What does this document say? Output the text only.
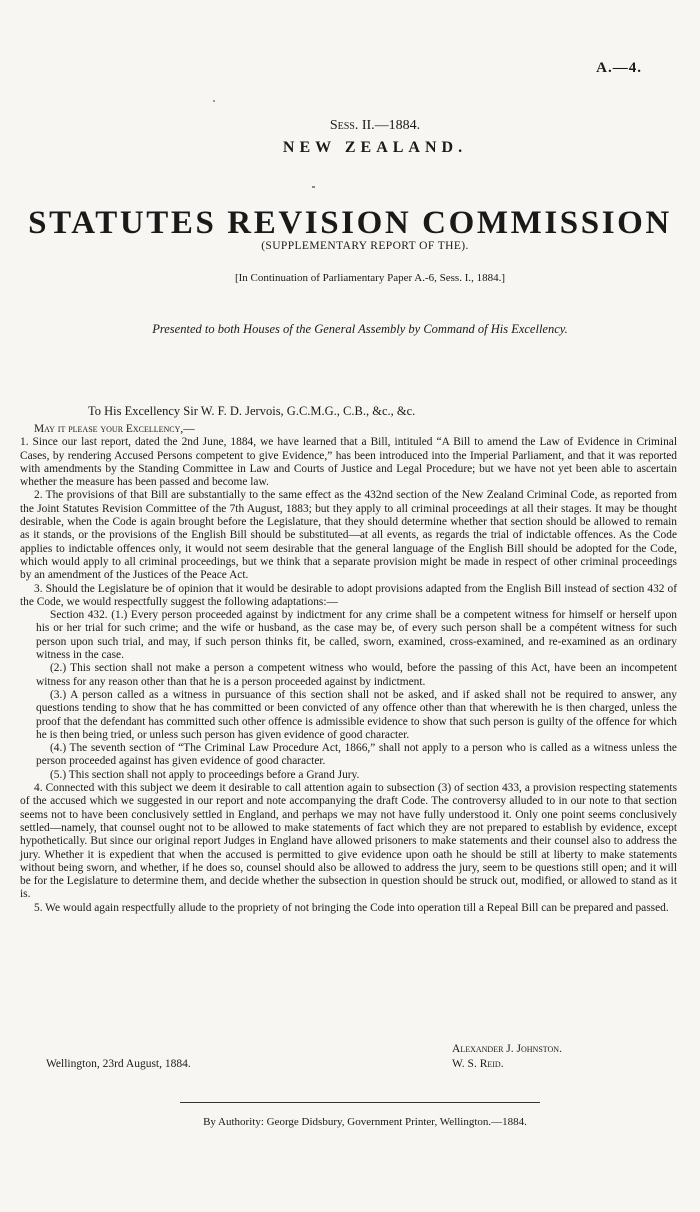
A.—4.
Sess. II.—1884.
NEW ZEALAND.
STATUTES REVISION COMMISSION
(SUPPLEMENTARY REPORT OF THE).
[In Continuation of Parliamentary Paper A.-6, Sess. I., 1884.]
Presented to both Houses of the General Assembly by Command of His Excellency.
To His Excellency Sir W. F. D. Jervois, G.C.M.G., C.B., &c., &c.

May it please your Excellency,—

1. Since our last report, dated the 2nd June, 1884, we have learned that a Bill, intituled “A Bill to amend the Law of Evidence in Criminal Cases, by rendering Accused Persons competent to give Evidence,” has been introduced into the Imperial Parliament, and that it was reported with amendments by the Standing Committee in Law and Courts of Justice and Legal Procedure; but we have not yet been able to ascertain whether the measure has been passed and become law.

2. The provisions of that Bill are substantially to the same effect as the 432nd section of the New Zealand Criminal Code, as reported from the Joint Statutes Revision Committee of the 7th August, 1883; but they apply to all criminal proceedings at all their stages. It may be thought desirable, when the Code is again brought before the Legislature, that they should determine whether that section should be allowed to remain as it stands, or the provisions of the English Bill should be substituted—at all events, as regards the trial of indictable offences. As the Code applies to indictable offences only, it would not seem desirable that the general language of the English Bill should be adopted for the Code, which would apply to all criminal proceedings, but we think that a separate provision might be made in respect of other criminal proceedings by an amendment of the Justices of the Peace Act.

3. Should the Legislature be of opinion that it would be desirable to adopt provisions adapted from the English Bill instead of section 432 of the Code, we would respectfully suggest the following adaptations:—

Section 432. (1.) Every person proceeded against by indictment for any crime shall be a competent witness for himself or herself upon his or her trial for such crime; and the wife or husband, as the case may be, of every such person shall be a compétent witness for such person upon such trial, and may, if such person thinks fit, be called, sworn, examined, cross-examined, and re-examined as an ordinary witness in the case.

(2.) This section shall not make a person a competent witness who would, before the passing of this Act, have been an incompetent witness for any reason other than that he is a person proceeded against by indictment.

(3.) A person called as a witness in pursuance of this section shall not be asked, and if asked shall not be required to answer, any questions tending to show that he has committed or been convicted of any offence other than that wherewith he is then charged, unless the proof that the defendant has committed such other offence is admissible evidence to show that such person is guilty of the offence for which he is then being tried, or unless such person has given evidence of good character.

(4.) The seventh section of “The Criminal Law Procedure Act, 1866,” shall not apply to a person who is called as a witness unless the person proceeded against has given evidence of good character.

(5.) This section shall not apply to proceedings before a Grand Jury.

4. Connected with this subject we deem it desirable to call attention again to subsection (3) of section 433, a provision respecting statements of the accused which we suggested in our report and note accompanying the draft Code. The controversy alluded to in our note to that section seems not to have been conclusively settled in England, and perhaps we may not have fully understood it. Only one point seems conclusively settled—namely, that counsel ought not to be allowed to make statements of fact which they are not prepared to establish by evidence, except hypothetically. But since our original report Judges in England have allowed prisoners to make statements and their counsel also to address the jury. Whether it is expedient that when the accused is permitted to give evidence upon oath he should be still at liberty to make statements without being sworn, and whether, if he does so, counsel should also be allowed to address the jury, seem to be questions still open; and it will be for the Legislature to determine them, and decide whether the subsection in question should be struck out, modified, or allowed to stand as it is.

5. We would again respectfully allude to the propriety of not bringing the Code into operation till a Repeal Bill can be prepared and passed.

Alexander J. Johnston.
Wellington, 23rd August, 1884.	W. S. Reid.
By Authority: George Didsbury, Government Printer, Wellington.—1884.
